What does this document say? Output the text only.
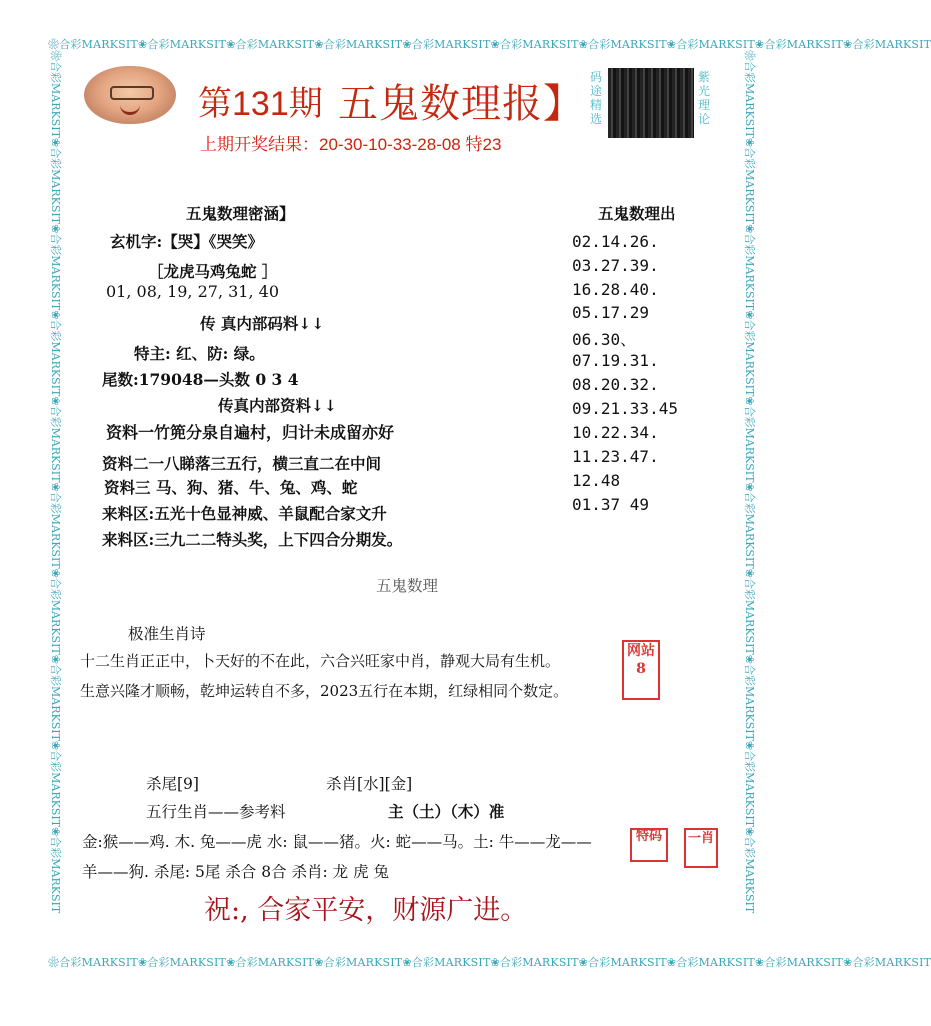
❀合彩MARKSIT❀合彩MARKSIT❀合彩MARKSIT❀合彩MARKSIT❀合彩MARKSIT❀合彩MARKSIT❀合彩MARKSIT❀合彩MARKSIT❀合彩MARKSIT❀合彩MARKSIT
❀合彩MARKSIT❀合彩MARKSIT❀合彩MARKSIT❀合彩MARKSIT❀合彩MARKSIT❀合彩MARKSIT❀合彩MARKSIT❀合彩MARKSIT❀合彩MARKSIT❀合彩MARKSIT
❀合彩MARKSIT❀合彩MARKSIT❀合彩MARKSIT❀合彩MARKSIT❀合彩MARKSIT❀合彩MARKSIT❀合彩MARKSIT❀合彩MARKSIT❀合彩MARKSIT❀合彩MARKSIT	❀合彩MARKSIT❀合彩MARKSIT❀合彩MARKSIT❀合彩MARKSIT❀合彩MARKSIT❀合彩MARKSIT❀合彩MARKSIT❀合彩MARKSIT❀合彩MARKSIT❀合彩MARKSIT
第131期 五鬼数理报】
上期开奖结果：20-30-10-33-28-08 特23
码途精选
紫光理论
五鬼数理密涵】
玄机字:【哭】《哭笑》
［龙虎马鸡兔蛇 ］
01, 08, 19, 27, 31, 40
传 真内部码料↓↓
特主: 红、防: 绿。
尾数:179048—头数 0 3 4
传真内部资料↓↓
资料一竹篼分泉自遍村，归计未成留亦好
资料二一八睇落三五行，横三直二在中间
资料三 马、狗、猪、牛、兔、鸡、蛇
来料区:五光十色显神威、羊鼠配合家文升
来料区:三九二二特头奖，上下四合分期发。
五鬼数理出
02.14.26.
03.27.39.
16.28.40.
05.17.29
06.30、
07.19.31.
08.20.32.
09.21.33.45
10.22.34.
11.23.47.
12.48
01.37 49
五鬼数理
极准生肖诗
十二生肖正正中，卜天好的不在此，六合兴旺家中肖，静观大局有生机。
生意兴隆才顺畅，乾坤运转自不多，2023五行在本期，红绿相同个数定。
网站
8
杀尾[9]	杀肖[水][金]
五行生肖——参考料	主（土）（木）准
金:猴——鸡. 木. 兔——虎 水: 鼠——猪。火: 蛇——马。土: 牛——龙——
羊——狗. 杀尾: 5尾 杀合 8合 杀肖: 龙 虎 兔
特码	一肖
祝:, 合家平安，财源广进。
